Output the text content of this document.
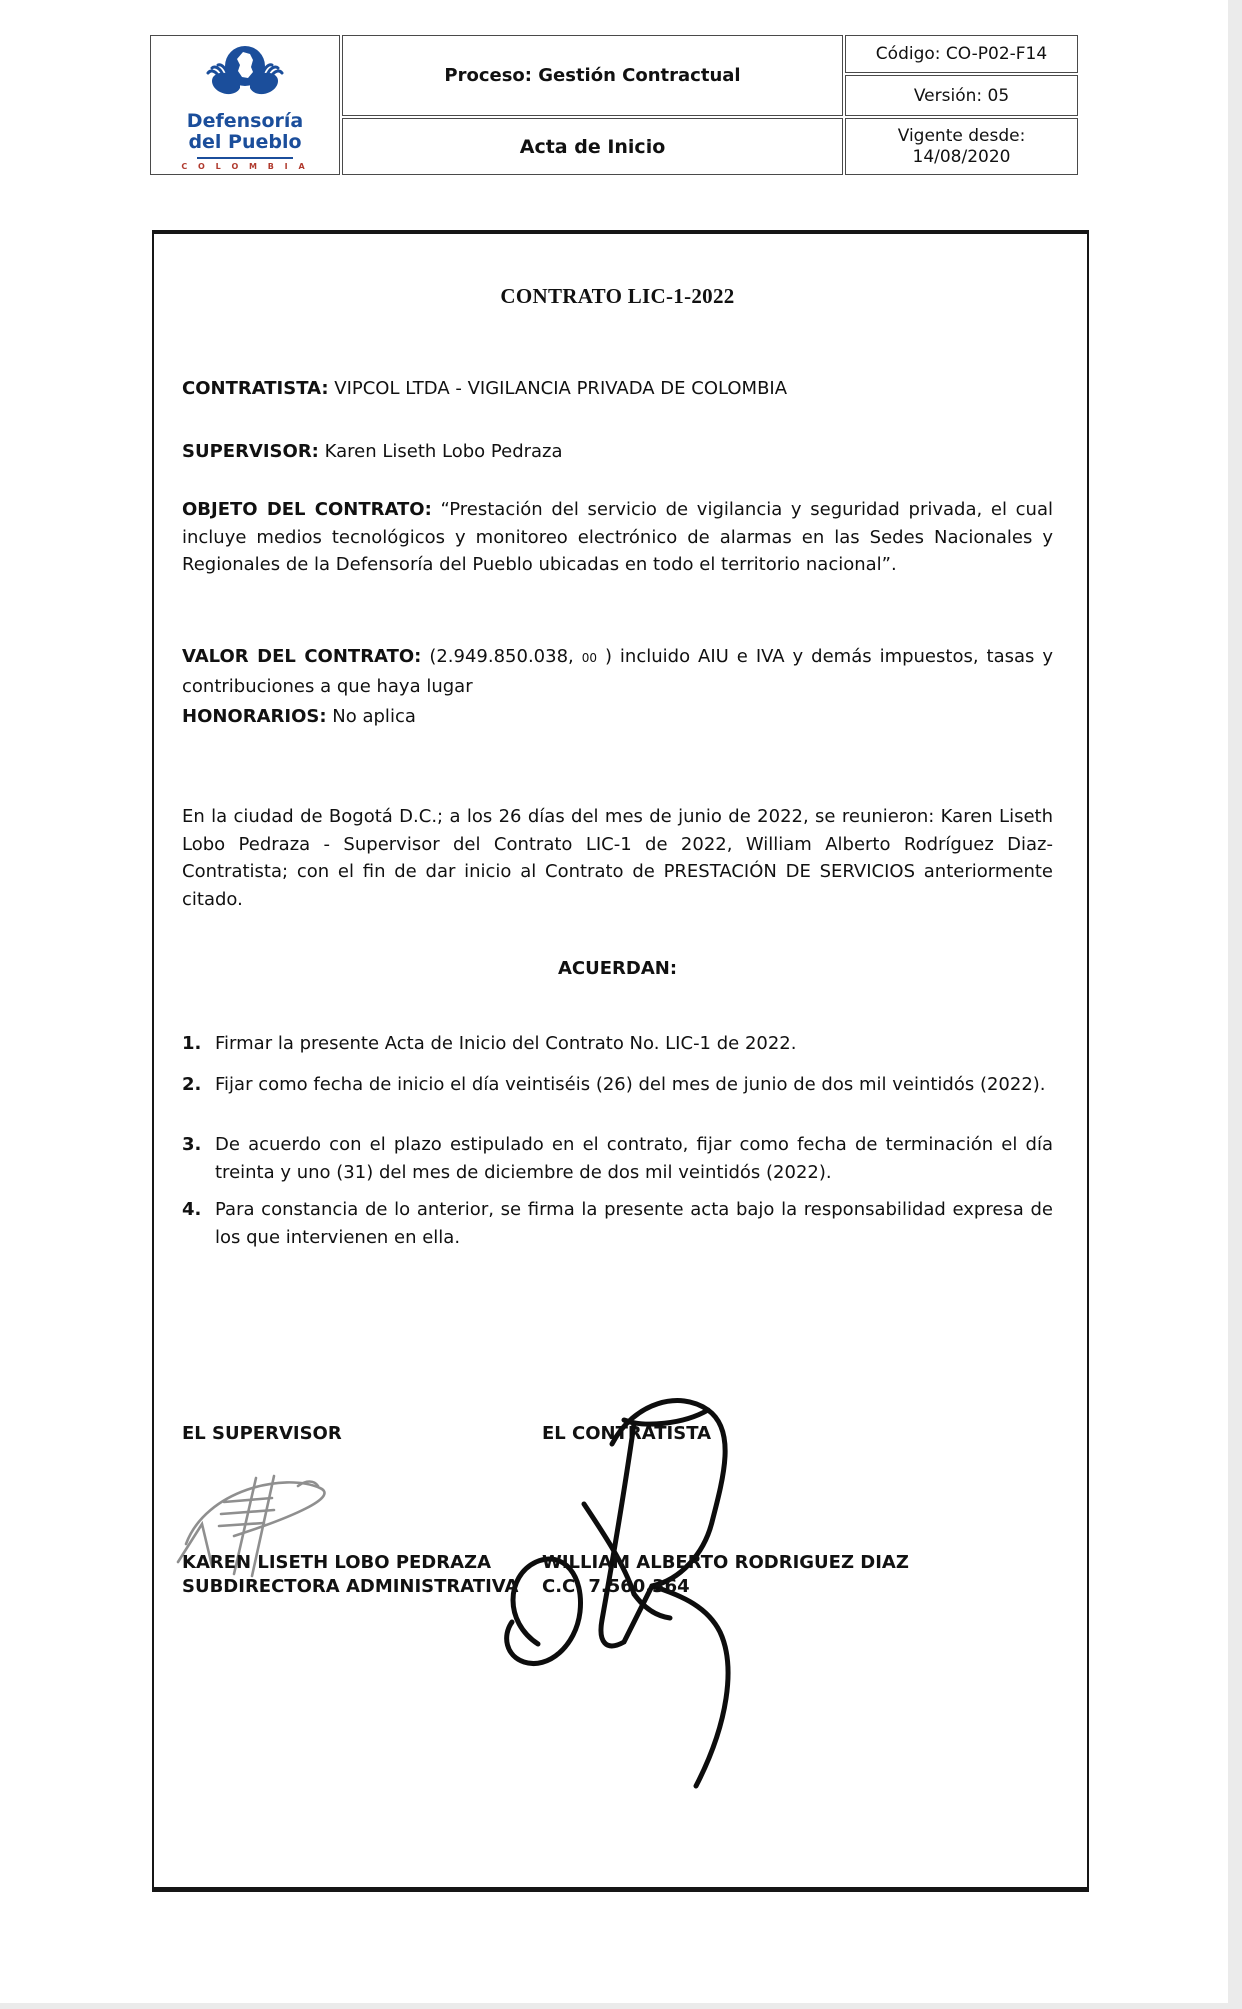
Defensoría
del Pueblo
C O L O M B I A
Proceso: Gestión Contractual
Acta de Inicio
Código: CO-P02-F14
Versión: 05
Vigente desde:
14/08/2020
CONTRATO LIC-1-2022
CONTRATISTA: VIPCOL LTDA - VIGILANCIA PRIVADA DE COLOMBIA
SUPERVISOR: Karen Liseth Lobo Pedraza
OBJETO DEL CONTRATO: “Prestación del servicio de vigilancia y seguridad privada, el cual incluye medios tecnológicos y monitoreo electrónico de alarmas en las Sedes Nacionales y Regionales de la Defensoría del Pueblo ubicadas en todo el territorio nacional”.
VALOR DEL CONTRATO: (2.949.850.038, 00 ) incluido AIU e IVA y demás impuestos, tasas y contribuciones a que haya lugar
HONORARIOS: No aplica
En la ciudad de Bogotá D.C.; a los 26 días del mes de junio de 2022, se reunieron: Karen Liseth Lobo Pedraza - Supervisor del Contrato LIC-1 de 2022, William Alberto Rodríguez Diaz- Contratista; con el fin de dar inicio al Contrato de PRESTACIÓN DE SERVICIOS anteriormente citado.
ACUERDAN:
1. Firmar la presente Acta de Inicio del Contrato No. LIC-1 de 2022.
2. Fijar como fecha de inicio el día veintiséis (26) del mes de junio de dos mil veintidós (2022).
3. De acuerdo con el plazo estipulado en el contrato, fijar como fecha de terminación el día treinta y uno (31) del mes de diciembre de dos mil veintidós (2022).
4. Para constancia de lo anterior, se firma la presente acta bajo la responsabilidad expresa de los que intervienen en ella.
EL SUPERVISOR	EL CONTRATISTA
KAREN LISETH LOBO PEDRAZA
SUBDIRECTORA ADMINISTRATIVA
WILLIAM ALBERTO RODRIGUEZ DIAZ
C.C. 7.560.364
